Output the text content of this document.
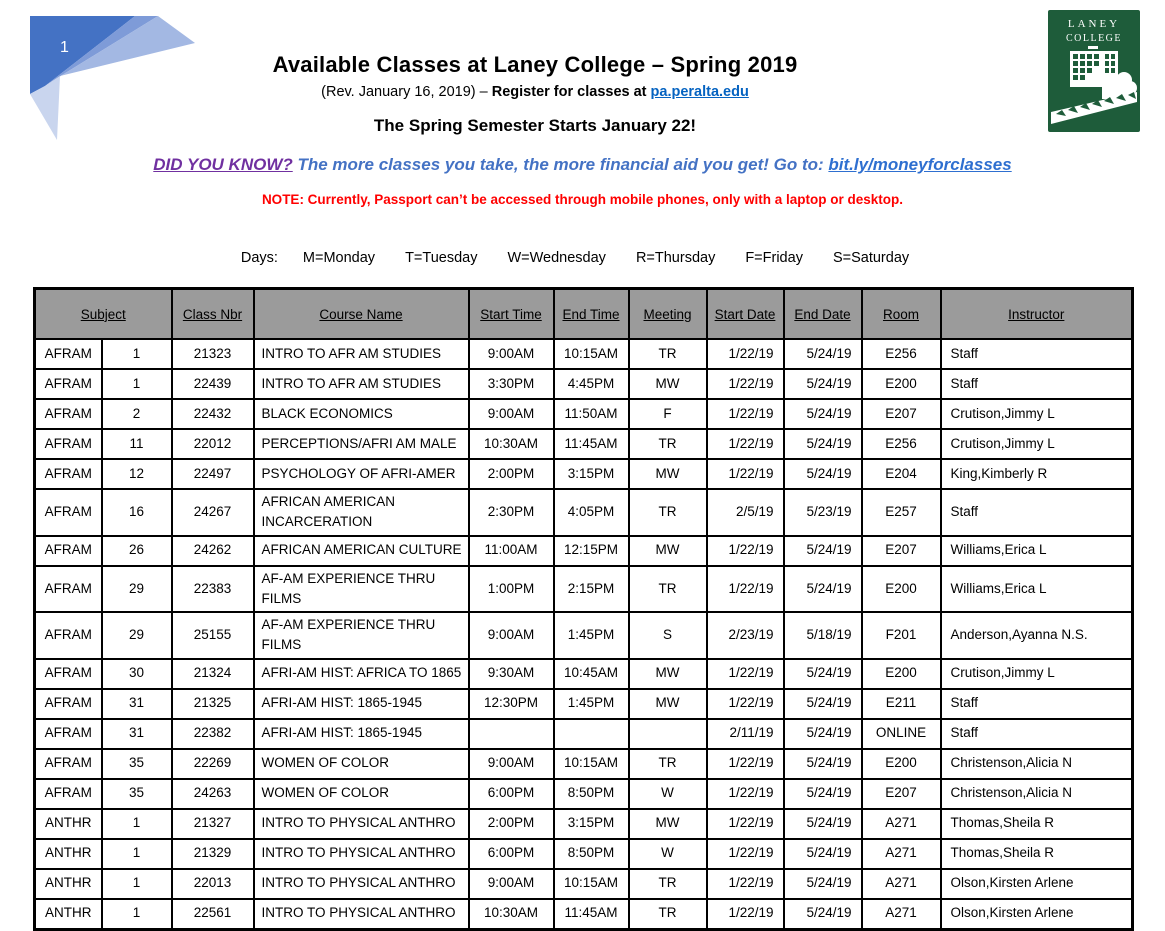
1
LANEY
COLLEGE
Available Classes at Laney College – Spring 2019
(Rev. January 16, 2019) – Register for classes at pa.peralta.edu
The Spring Semester Starts January 22!
DID YOU KNOW? The more classes you take, the more financial aid you get! Go to: bit.ly/moneyforclasses
NOTE: Currently, Passport can’t be accessed through mobile phones, only with a laptop or desktop.
Days: M=Monday T=Tuesday W=Wednesday R=Thursday F=Friday S=Saturday
Subject		Class Nbr	Course Name	Start Time	End Time	Meeting	Start Date	End Date	Room	Instructor
AFRAM	1	21323	INTRO TO AFR AM STUDIES	9:00AM	10:15AM	TR	1/22/19	5/24/19	E256	Staff
AFRAM	1	22439	INTRO TO AFR AM STUDIES	3:30PM	4:45PM	MW	1/22/19	5/24/19	E200	Staff
AFRAM	2	22432	BLACK ECONOMICS	9:00AM	11:50AM	F	1/22/19	5/24/19	E207	Crutison,Jimmy L
AFRAM	11	22012	PERCEPTIONS/AFRI AM MALE	10:30AM	11:45AM	TR	1/22/19	5/24/19	E256	Crutison,Jimmy L
AFRAM	12	22497	PSYCHOLOGY OF AFRI-AMER	2:00PM	3:15PM	MW	1/22/19	5/24/19	E204	King,Kimberly R
AFRAM	16	24267	AFRICAN AMERICAN INCARCERATION	2:30PM	4:05PM	TR	2/5/19	5/23/19	E257	Staff
AFRAM	26	24262	AFRICAN AMERICAN CULTURE	11:00AM	12:15PM	MW	1/22/19	5/24/19	E207	Williams,Erica L
AFRAM	29	22383	AF-AM EXPERIENCE THRU FILMS	1:00PM	2:15PM	TR	1/22/19	5/24/19	E200	Williams,Erica L
AFRAM	29	25155	AF-AM EXPERIENCE THRU FILMS	9:00AM	1:45PM	S	2/23/19	5/18/19	F201	Anderson,Ayanna N.S.
AFRAM	30	21324	AFRI-AM HIST: AFRICA TO 1865	9:30AM	10:45AM	MW	1/22/19	5/24/19	E200	Crutison,Jimmy L
AFRAM	31	21325	AFRI-AM HIST: 1865-1945	12:30PM	1:45PM	MW	1/22/19	5/24/19	E211	Staff
AFRAM	31	22382	AFRI-AM HIST: 1865-1945				2/11/19	5/24/19	ONLINE	Staff
AFRAM	35	22269	WOMEN OF COLOR	9:00AM	10:15AM	TR	1/22/19	5/24/19	E200	Christenson,Alicia N
AFRAM	35	24263	WOMEN OF COLOR	6:00PM	8:50PM	W	1/22/19	5/24/19	E207	Christenson,Alicia N
ANTHR	1	21327	INTRO TO PHYSICAL ANTHRO	2:00PM	3:15PM	MW	1/22/19	5/24/19	A271	Thomas,Sheila R
ANTHR	1	21329	INTRO TO PHYSICAL ANTHRO	6:00PM	8:50PM	W	1/22/19	5/24/19	A271	Thomas,Sheila R
ANTHR	1	22013	INTRO TO PHYSICAL ANTHRO	9:00AM	10:15AM	TR	1/22/19	5/24/19	A271	Olson,Kirsten Arlene
ANTHR	1	22561	INTRO TO PHYSICAL ANTHRO	10:30AM	11:45AM	TR	1/22/19	5/24/19	A271	Olson,Kirsten Arlene
